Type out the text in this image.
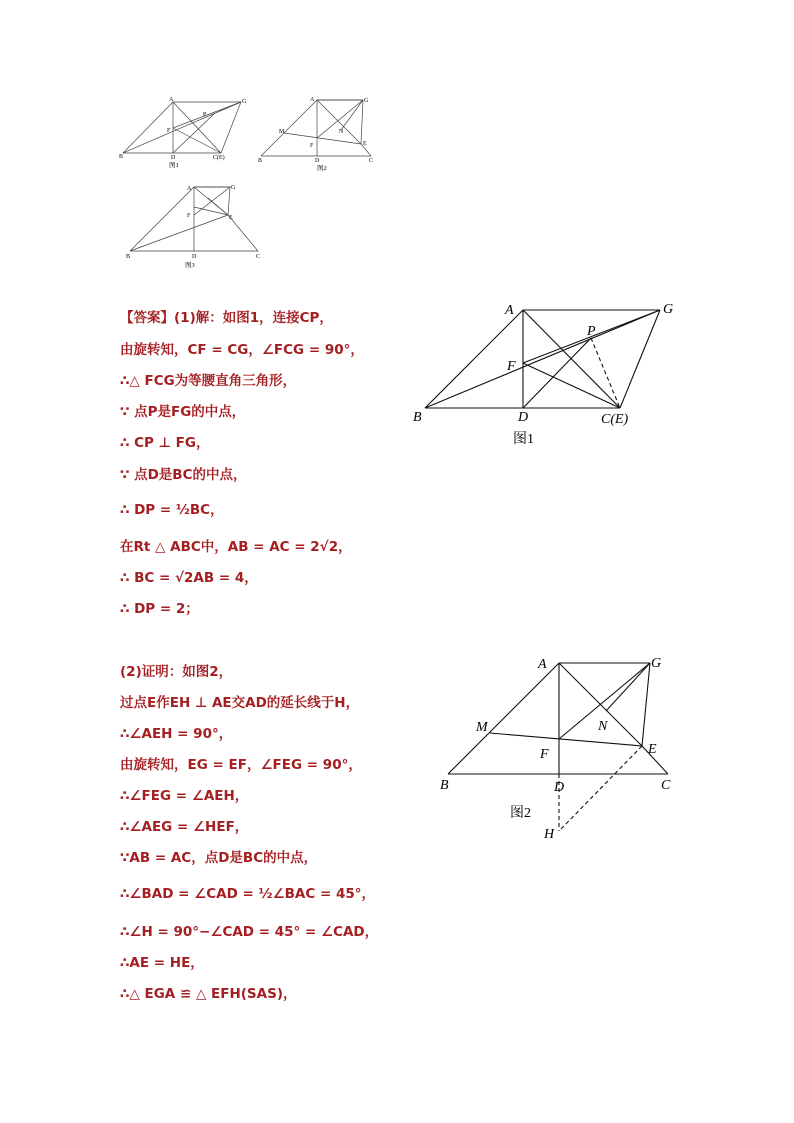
A	G
P
F
B	D	C(E)
图1
A	G
M	N
F	E
B	D	C
图2
A	G
F	E
B	D	C
图3
【答案】(1)解：如图1，连接CP，
由旋转知，CF = CG，∠FCG = 90°，
∴△ FCG为等腰直角三角形，
∵ 点P是FG的中点，
∴ CP ⊥ FG，
∵ 点D是BC的中点，
∴ DP = ½BC，
在Rt △ ABC中，AB = AC = 2√2，
∴ BC = √2AB = 4，
∴ DP = 2；
A	G
P
F
B	D	C(E)
图1
(2)证明：如图2，
过点E作EH ⊥ AE交AD的延长线于H，
∴∠AEH = 90°，
由旋转知，EG = EF，∠FEG = 90°，
∴∠FEG = ∠AEH，
∴∠AEG = ∠HEF，
∵AB = AC，点D是BC的中点，
∴∠BAD = ∠CAD = ½∠BAC = 45°，
∴∠H = 90°−∠CAD = 45° = ∠CAD，
∴AE = HE，
∴△ EGA ≌ △ EFH(SAS)，
A	G
M	N
F	E
B	D	C
图2
H
